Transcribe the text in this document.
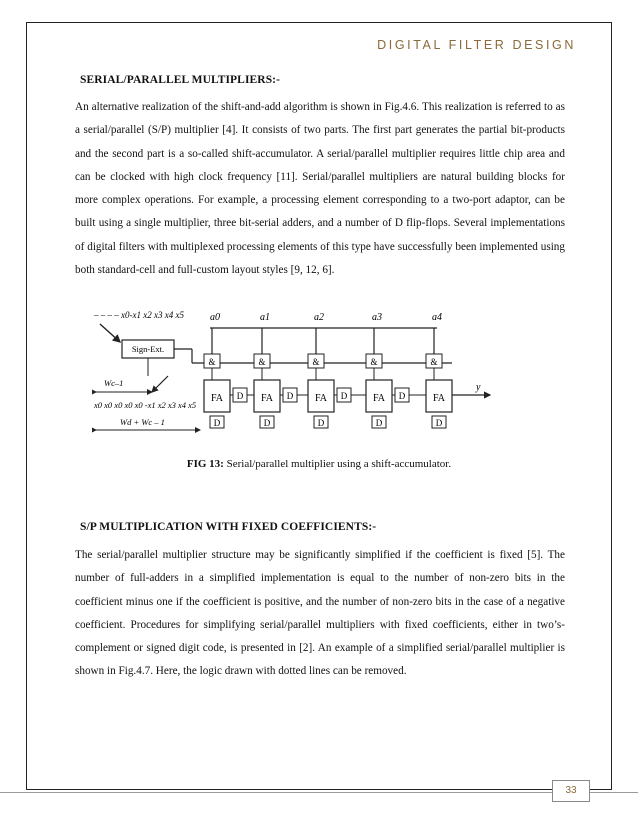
DIGITAL FILTER DESIGN
SERIAL/PARALLEL MULTIPLIERS:-

An alternative realization of the shift-and-add algorithm is shown in Fig.4.6. This realization is referred to as a serial/parallel (S/P) multiplier [4]. It consists of two parts. The first part generates the partial bit-products and the second part is a so-called shift-accumulator. A serial/parallel multiplier requires little chip area and can be clocked with high clock frequency [11]. Serial/parallel multipliers are natural building blocks for more complex operations. For example, a processing element corresponding to a two-port adaptor, can be built using a single multiplier, three bit-serial adders, and a number of D flip-flops. Several implementations of digital filters with multiplexed processing elements of this type have successfully been implemented using both standard-cell and full-custom layout styles [9, 12, 6].

– – – – x0-x1 x2 x3 x4 x5
Sign-Ext.
Wc–1
x0 x0 x0 x0 x0 -x1 x2 x3 x4 x5
Wd + Wc – 1
a0
&
FA D
D
a1
&
FA D
D
a2
&
FA D
D
a3
&
FA D
D
a4
&
FA
D
y
FIG 13: Serial/parallel multiplier using a shift-accumulator.
S/P MULTIPLICATION WITH FIXED COEFFICIENTS:-

The serial/parallel multiplier structure may be significantly simplified if the coefficient is fixed [5]. The number of full-adders in a simplified implementation is equal to the number of non-zero bits in the coefficient minus one if the coefficient is positive, and the number of non-zero bits in the case of a negative coefficient. Procedures for simplifying serial/parallel multipliers with fixed coefficients, either in two’s-complement or signed digit code, is presented in [2]. An example of a simplified serial/parallel multiplier is shown in Fig.4.7. Here, the logic drawn with dotted lines can be removed.

33
